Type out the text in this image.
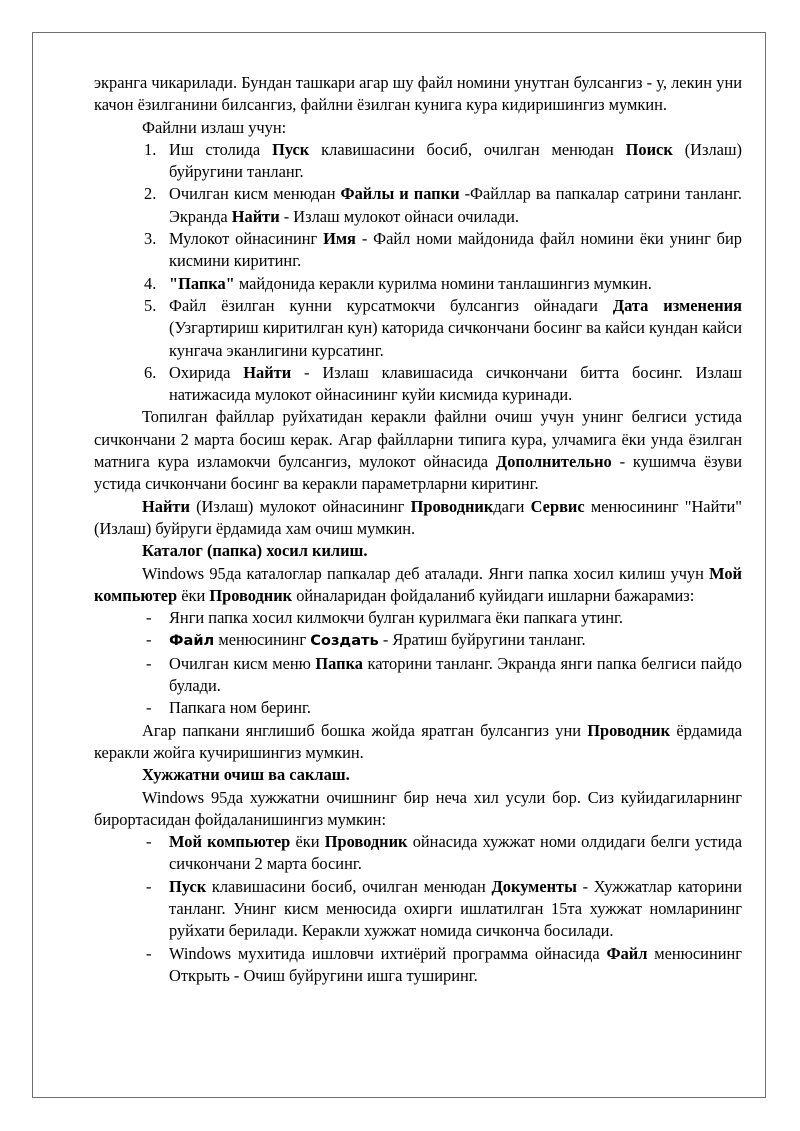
экранга чикарилади. Бундан ташкари агар шу файл номини унутган булсангиз - у, лекин уни качон ёзилганини билсангиз, файлни ёзилган кунига кура кидиришингиз мумкин.

Файлни излаш учун:

1. Иш столида Пуск клавишасини босиб, очилган менюдан Поиск (Излаш) буйругини танланг.
2. Очилган кисм менюдан Файлы и папки -Файллар ва папкалар сатрини танланг. Экранда Найти - Излаш мулокот ойнаси очилади.
3. Мулокот ойнасининг Имя - Файл номи майдонида файл номини ёки унинг бир кисмини киритинг.
4. "Папка" майдонида керакли курилма номини танлашингиз мумкин.
5. Файл ёзилган кунни курсатмокчи булсангиз ойнадаги Дата изменения (Узгартириш киритилган кун) каторида сичкончани босинг ва кайси кундан кайси кунгача эканлигини курсатинг.
6. Охирида Найти - Излаш клавишасида сичкончани битта босинг. Излаш натижасида мулокот ойнасининг куйи кисмида куринади.

Топилган файллар руйхатидан керакли файлни очиш учун унинг белгиси устида сичкончани 2 марта босиш керак. Агар файлларни типига кура, улчамига ёки унда ёзилган матнига кура изламокчи булсангиз, мулокот ойнасида Дополнительно - кушимча ёзуви устида сичкончани босинг ва керакли параметрларни киритинг.

Найти (Излаш) мулокот ойнасининг Проводникдаги Сервис менюсининг "Найти" (Излаш) буйруги ёрдамида хам очиш мумкин.

Каталог (папка) хосил килиш.

Windows 95да каталоглар папкалар деб аталади. Янги папка хосил килиш учун Мой компьютер ёки Проводник ойналаридан фойдаланиб куйидаги ишларни бажарамиз:

- Янги папка хосил килмокчи булган курилмага ёки папкага утинг.
- Файл менюсининг Создать - Яратиш буйругини танланг.
- Очилган кисм меню Папка каторини танланг. Экранда янги папка белгиси пайдо булади.
- Папкага ном беринг.

Агар папкани янглишиб бошка жойда яратган булсангиз уни Проводник ёрдамида керакли жойга кучиришингиз мумкин.

Хужжатни очиш ва саклаш.

Windows 95да хужжатни очишнинг бир неча хил усули бор. Сиз куйидагиларнинг бирортасидан фойдаланишингиз мумкин:

- Мой компьютер ёки Проводник ойнасида хужжат номи олдидаги белги устида сичкончани 2 марта босинг.
- Пуск клавишасини босиб, очилган менюдан Документы - Хужжатлар каторини танланг. Унинг кисм менюсида охирги ишлатилган 15та хужжат номларининг руйхати берилади. Керакли хужжат номида сичконча босилади.
- Windows мухитида ишловчи ихтиёрий программа ойнасида Файл менюсининг Открыть - Очиш буйругини ишга туширинг.
